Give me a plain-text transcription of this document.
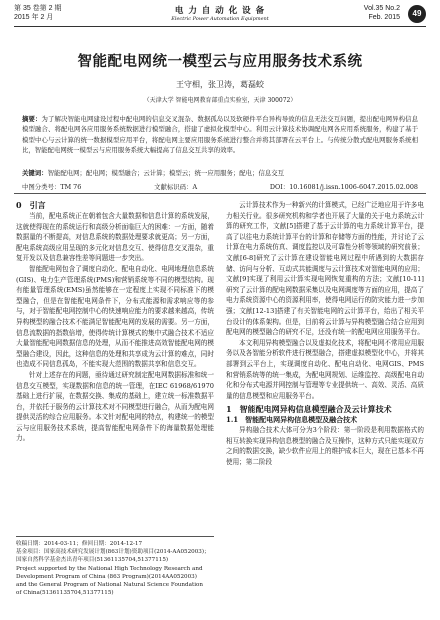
第 35 卷第 2 期
2015 年 2 月
电 力 自 动 化 设 备
Electric Power Automation Equipment
Vol.35 No.2
Feb. 2015	49
智能配电网统一模型云与应用服务技术系统
王守相，张卫涛，葛磊蛟
（天津大学 智能电网教育部重点实验室，天津 300072）
摘要：为了解决智能电网建设过程中配电网的信息交叉混杂、数据孤岛以及软硬件平台异构导致的信息无法交互问题，提出配电网异构信息模型融合、将配电网各应用服务系统数据进行模型融合，搭建了虚拟化模型中心。利用云计算技术协调配电网各应用系统服务，构建了基于模型中心与云计算的统一数据模型应用平台，将配电网主要应用服务系统进行整合并将其部署在云平台上。与传统分散式配电网服务系统相比，智能配电网统一模型云与应用服务系统大幅提高了信息交互共享的效率。
关键词：智能配电网；配电网；模型融合；云计算；模型云；统一应用服务；配电；信息交互
中图分类号：TM 76	文献标识码：A	DOI：10.16081/j.issn.1006-6047.2015.02.008

0　引言

当前，配电系统正在朝着包含大量数据和信息计算的系统发展，这就使得现在的系统运行和高级分析面临巨大的困难：一方面，随着数据量的不断提高，对信息系统的数据处理要求就更高；另一方面，配电系统高级应用呈现的多元化对信息交互、使得信息交叉混杂，重复开发以及信息兼容性差等问题进一步突出。

智能配电网包含了调度自动化、配电自动化、电网地理信息系统(GIS)、电力生产管理系统(PMS)和营销系统等不同的模型结构。现有能量管理系统(EMS)虽然能够在一定程度上实现不同标准下的模型融合，但是在智能配电网条件下，分布式能源和需求响应等的参与，对于智能配电网控制中心的快速响应能力的要求越来越高，传统异构模型的融合技术不能满足智能配电网的发展的需要。另一方面，信息流数据的指数倍增，使得传统计算模式的集中式融合技术不适应大量智能配电网数据信息的处理，从而不能推进高效智能配电网的模型融合建设，因此，这种信息的处理和共享成为云计算的难点，同时也造成不同信息孤岛，不能实现大范围的数据共享和信息交互。

针对上述存在的问题，亟待通过研究制定配电网数据标准和统一信息交互模型，实现数据和信息的统一管理，在IEC 61968/61970基础上进行扩展，在数据交换、集成的基础上，建立统一标准数据平台，并依托于服务的云计算技术对不同模型进行融合，从而为配电网提供灵活的综合应用服务。本文针对配电网的特点，构建统一的模型云与应用服务技术系统，提高智能配电网条件下的海量数据处理能力。

云计算技术作为一种新兴的计算模式，已经广泛地应用于许多电力相关行业。很多研究机构和学者也开展了大量的关于电力系统云计算的研究工作，文献[5]搭建了基于云计算的电力系统计算平台，提高了以往电力系统计算平台的计算和存储等方面的性能，并讨论了云计算在电力系统仿真、调度监控以及可靠性分析等领域的研究前景；文献[6-8]研究了云计算在建设智能电网过程中所遇到的大数据存储、访问与分析、互动式共能调度与云计算技术对智能电网的应用；文献[9]实现了利用云计算实现电网恢复重构的方法；文献[10-11]研究了云计算的配电网数据采集以及电网调度等方面的应用，提高了电力系统资源中心的资源利用率，使得电网运行的防灾能力进一步加强；文献[12-13]搭建了有关智能电网的云计算平台，给出了相关平台设计的体系架构。但是，目前将云计算与异构模型融合结合应用到配电网的模型融合的研究不足，还没有统一的配电网应用服务平台。

本文利用异构模型融合以及虚拟化技术，将配电网不常用应用服务以及各智能分析软件进行模型融合，搭建虚拟模型化中心，并将其部署到云平台上，实现调度自动化、配电自动化、电网GIS、PMS和营销系统等的统一集成，为配电网规划、运维监控、高级配电自动化和分布式电源并网控制与管理等专业提供统一、高效、灵活、高质量的信息模型和应用服务平台。

1　智能配电网异构信息模型融合及云计算技术

1.1　智能配电网异构信息模型及融合技术

异构融合技术大体可分为3个阶段：第一阶段是利用数据格式的相互转换实现异构信息模型的融合及互操作，这种方式只能实现双方之间的数据交换，缺少软件应用上的维护成本巨大，现在已基本不再使用；第二阶段

收稿日期：2014-03-11；修回日期：2014-12-17
基金项目：国家高技术研究发展计划(863计划)资助项目(2014-AA052003)；国家自然科学基金杰出青年项目(51361135704,51377115)
Project supported by the National High Technology Research and
Development Program of China (863 Program)(2014AA052003)
and the General Program of National Natural Science Foundation
of China(51361135704,51377115)
